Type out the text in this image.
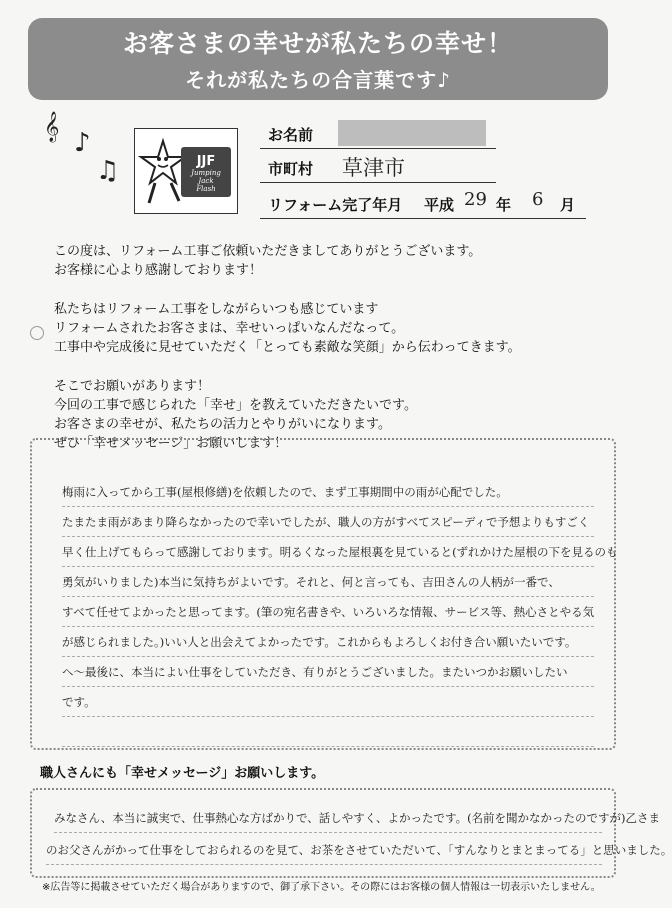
お客さまの幸せが私たちの幸せ！
それが私たちの合言葉です♪
𝄞
♪
♫	JJF
Jumping
Jack
Flash
お名前
市町村 草津市
リフォーム完了年月 平成 29 年 6 月

この度は、リフォーム工事ご依頼いただきましてありがとうございます。

お客様に心より感謝しております！

私たちはリフォーム工事をしながらいつも感じています

リフォームされたお客さまは、幸せいっぱいなんだなって。

工事中や完成後に見せていただく「とっても素敵な笑顔」から伝わってきます。

そこでお願いがあります！

今回の工事で感じられた「幸せ」を教えていただきたいです。

お客さまの幸せが、私たちの活力とやりがいになります。

ぜひ「幸せメッセージ」お願いします！

梅雨に入ってから工事(屋根修繕)を依頼したので、まず工事期間中の雨が心配でした。
たまたま雨があまり降らなかったので幸いでしたが、職人の方がすべてスピーディで予想よりもすごく
早く仕上げてもらって感謝しております。明るくなった屋根裏を見ていると(ずれかけた屋根の下を見るのも
勇気がいりました)本当に気持ちがよいです。それと、何と言っても、吉田さんの人柄が一番で、
すべて任せてよかったと思ってます。(筆の宛名書きや、いろいろな情報、サービス等、熱心さとやる気
が感じられました。)いい人と出会えてよかったです。これからもよろしくお付き合い願いたいです。
へ〜最後に、本当によい仕事をしていただき、有りがとうございました。またいつかお願いしたい
です。
職人さんにも「幸せメッセージ」お願いします。
みなさん、本当に誠実で、仕事熱心な方ばかりで、話しやすく、よかったです。(名前を聞かなかったのですが)乙さま
のお父さんがかって仕事をしておられるのを見て、お茶をさせていただいて、「すんなりとまとまってる」と思いました。
※広告等に掲載させていただく場合がありますので、御了承下さい。その際にはお客様の個人情報は一切表示いたしません。
